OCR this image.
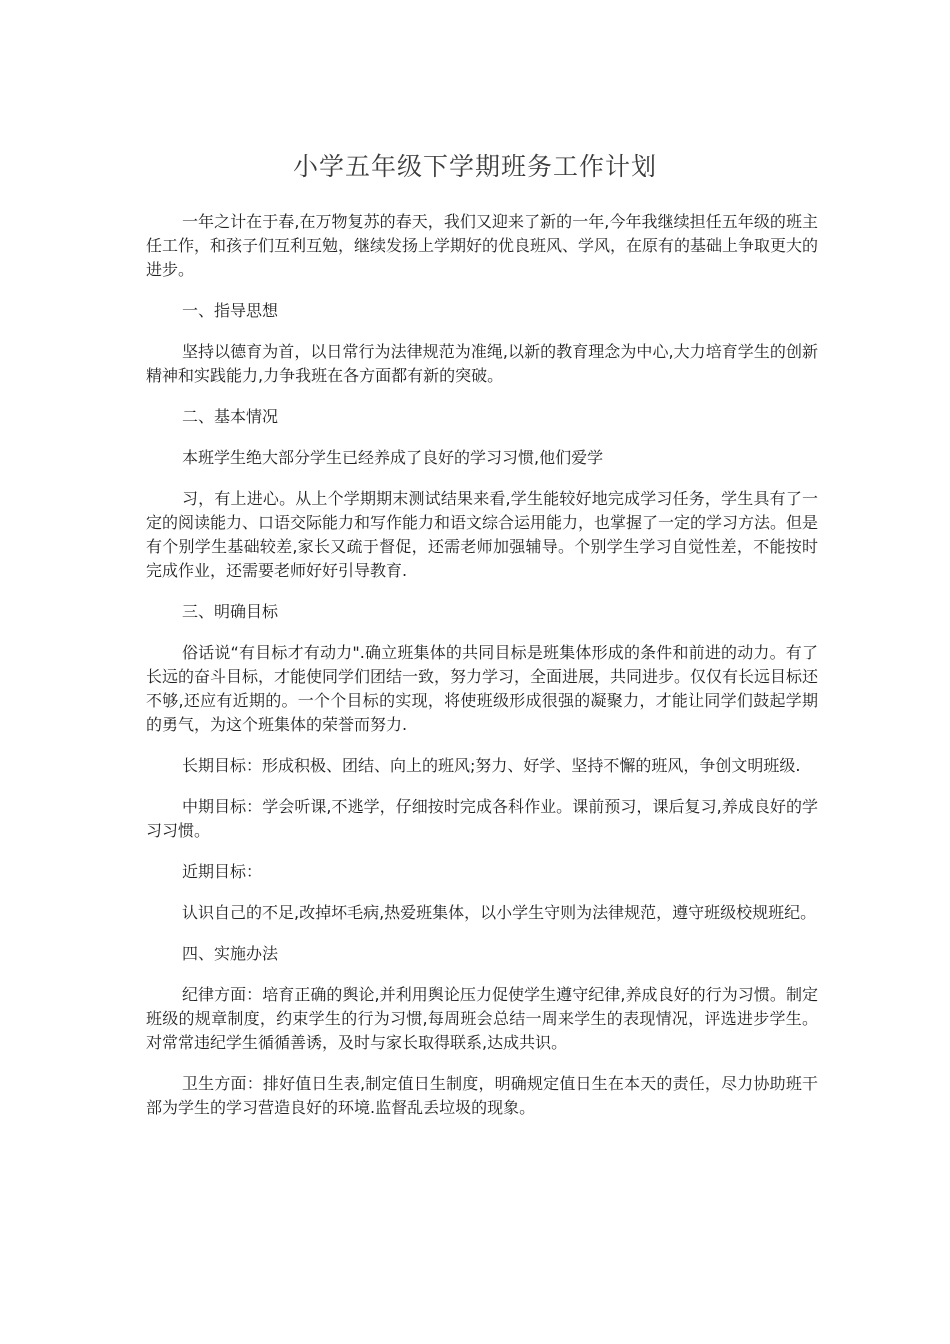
小学五年级下学期班务工作计划

一年之计在于春,在万物复苏的春天，我们又迎来了新的一年,今年我继续担任五年级的班主任工作，和孩子们互利互勉，继续发扬上学期好的优良班风、学风，在原有的基础上争取更大的进步。

一、指导思想

坚持以德育为首，以日常行为法律规范为准绳,以新的教育理念为中心,大力培育学生的创新精神和实践能力,力争我班在各方面都有新的突破。

二、基本情况

本班学生绝大部分学生已经养成了良好的学习习惯,他们爱学

习，有上进心。从上个学期期末测试结果来看,学生能较好地完成学习任务，学生具有了一定的阅读能力、口语交际能力和写作能力和语文综合运用能力，也掌握了一定的学习方法。但是有个别学生基础较差,家长又疏于督促，还需老师加强辅导。个别学生学习自觉性差，不能按时完成作业，还需要老师好好引导教育.

三、明确目标

俗话说“有目标才有动力".确立班集体的共同目标是班集体形成的条件和前进的动力。有了长远的奋斗目标，才能使同学们团结一致，努力学习，全面进展，共同进步。仅仅有长远目标还不够,还应有近期的。一个个目标的实现，将使班级形成很强的凝聚力，才能让同学们鼓起学期的勇气，为这个班集体的荣誉而努力.

长期目标：形成积极、团结、向上的班风;努力、好学、坚持不懈的班风，争创文明班级.

中期目标：学会听课,不逃学，仔细按时完成各科作业。课前预习，课后复习,养成良好的学习习惯。

近期目标：

认识自己的不足,改掉坏毛病,热爱班集体，以小学生守则为法律规范，遵守班级校规班纪。

四、实施办法

纪律方面：培育正确的舆论,并利用舆论压力促使学生遵守纪律,养成良好的行为习惯。制定班级的规章制度，约束学生的行为习惯,每周班会总结一周来学生的表现情况，评选进步学生。对常常违纪学生循循善诱，及时与家长取得联系,达成共识。

卫生方面：排好值日生表,制定值日生制度，明确规定值日生在本天的责任，尽力协助班干部为学生的学习营造良好的环境.监督乱丢垃圾的现象。
